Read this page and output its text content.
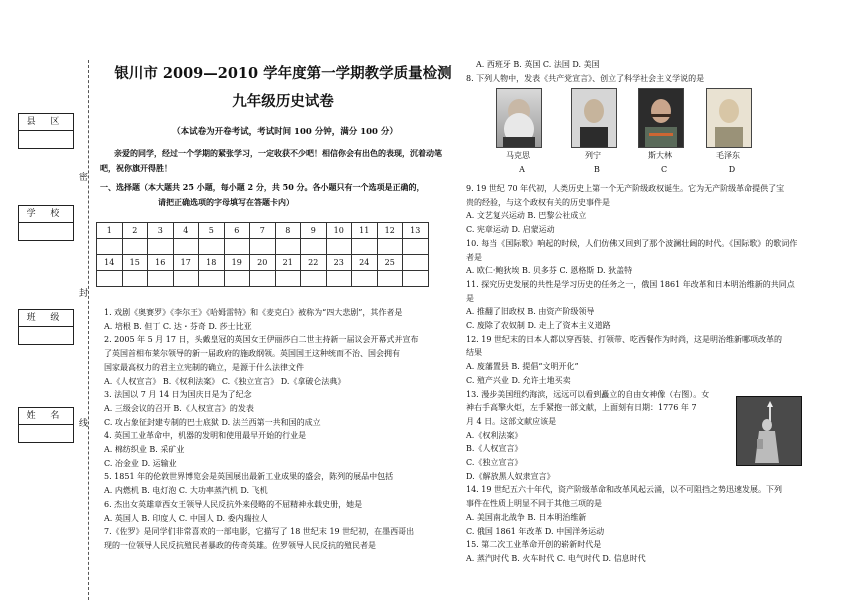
县 区
学 校
班 级
姓 名
密
封
线
银川市 2009—2010 学年度第一学期教学质量检测
九年级历史试卷
（本试卷为开卷考试，考试时间 100 分钟，满分 100 分）
亲爱的同学，经过一个学期的紧张学习，一定收获不少吧！相信你会有出色的表现，沉着动笔吧，祝你旗开得胜！
一、选择题（本大题共 25 小题，每小题 2 分，共 50 分。各小题只有一个选项是正确的，
请把正确选项的字母填写在答题卡内）
1	2	3	4	5	6	7	8	9	10	11	12	13

14	15	16	17	18	19	20	21	22	23	24	25	

1. 戏剧《奥赛罗》《李尔王》《哈姆雷特》和《麦克白》被称为“四大悲剧”，其作者是

A. 培根 B. 但丁 C. 达・芬奇 D. 莎士比亚

2. 2005 年 5 月 17 日，头戴皇冠的英国女王伊丽莎白二世主持新一届议会开幕式并宣布

了英国首相布莱尔领导的新一届政府的施政纲领。英国国王这种统而不治、国会拥有

国家最高权力的君主立宪制的确立，是源于什么法律文件

A.《人权宣言》 B.《权利法案》 C.《独立宣言》 D.《拿破仑法典》

3. 法国以 7 月 14 日为国庆日是为了纪念

A. 三级会议的召开 B.《人权宣言》的发表

C. 攻占象征封建专制的巴士底狱 D. 法兰西第一共和国的成立

4. 英国工业革命中，机器的发明和使用最早开始的行业是

A. 棉纺织业 B. 采矿业

C. 冶金业 D. 运输业

5. 1851 年的伦敦世界博览会是英国展出最新工业成果的盛会，陈列的展品中包括

A. 内燃机 B. 电灯泡 C. 大功率蒸汽机 D. 飞机

6. 杰出女英雄章西女王领导人民反抗外来侵略的不屈精神永载史册，她是

A. 英国人 B. 印度人 C. 中国人 D. 委内瑞拉人

7.《佐罗》是同学们非常喜欢的一部电影，它描写了 18 世纪末 19 世纪初，在墨西哥出

现的一位领导人民反抗殖民者暴政的传奇英雄。佐罗领导人民反抗的殖民者是

A. 西班牙 B. 英国 C. 法国 D. 美国

8. 下列人物中，发表《共产党宣言》、创立了科学社会主义学说的是

马克思	列宁	斯大林	毛泽东
A	B	C	D

9. 19 世纪 70 年代初，人类历史上第一个无产阶级政权诞生。它为无产阶级革命提供了宝

贵的经验，与这个政权有关的历史事件是

A. 文艺复兴运动 B. 巴黎公社成立

C. 宪章运动 D. 启蒙运动

10. 每当《国际歌》响起的时候，人们仿佛又回到了那个波澜壮阔的时代。《国际歌》的歌词作

者是

A. 欧仁·鲍狄埃 B. 贝多芬 C. 恩格斯 D. 狄盖特

11. 探究历史发展的共性是学习历史的任务之一，俄国 1861 年改革和日本明治维新的共同点

是

A. 推翻了旧政权 B. 由资产阶级领导

C. 废除了农奴制 D. 走上了资本主义道路

12. 19 世纪末的日本人都以穿西装、打领带、吃西餐作为时尚，这是明治维新哪项改革的

结果

A. 废藩置县 B. 提倡“文明开化”

C. 殖产兴业 D. 允许土地买卖

13. 漫步美国纽约海滨，远远可以看到矗立的自由女神像（右图）。女

神右手高擎火炬，左手紧抱一部文献，上面刻有日期：1776 年 7

月 4 日。这部文献应该是

A.《权利法案》

B.《人权宣言》

C.《独立宣言》

D.《解放黑人奴隶宣言》

14. 19 世纪五六十年代，资产阶级革命和改革风起云涌，以不可阻挡之势迅速发展。下列

事件在性质上明显不同于其他三项的是

A. 美国南北战争 B. 日本明治维新

C. 俄国 1861 年改革 D. 中国洋务运动

15. 第二次工业革命开创的崭新时代是

A. 蒸汽时代 B. 火车时代 C. 电气时代 D. 信息时代
